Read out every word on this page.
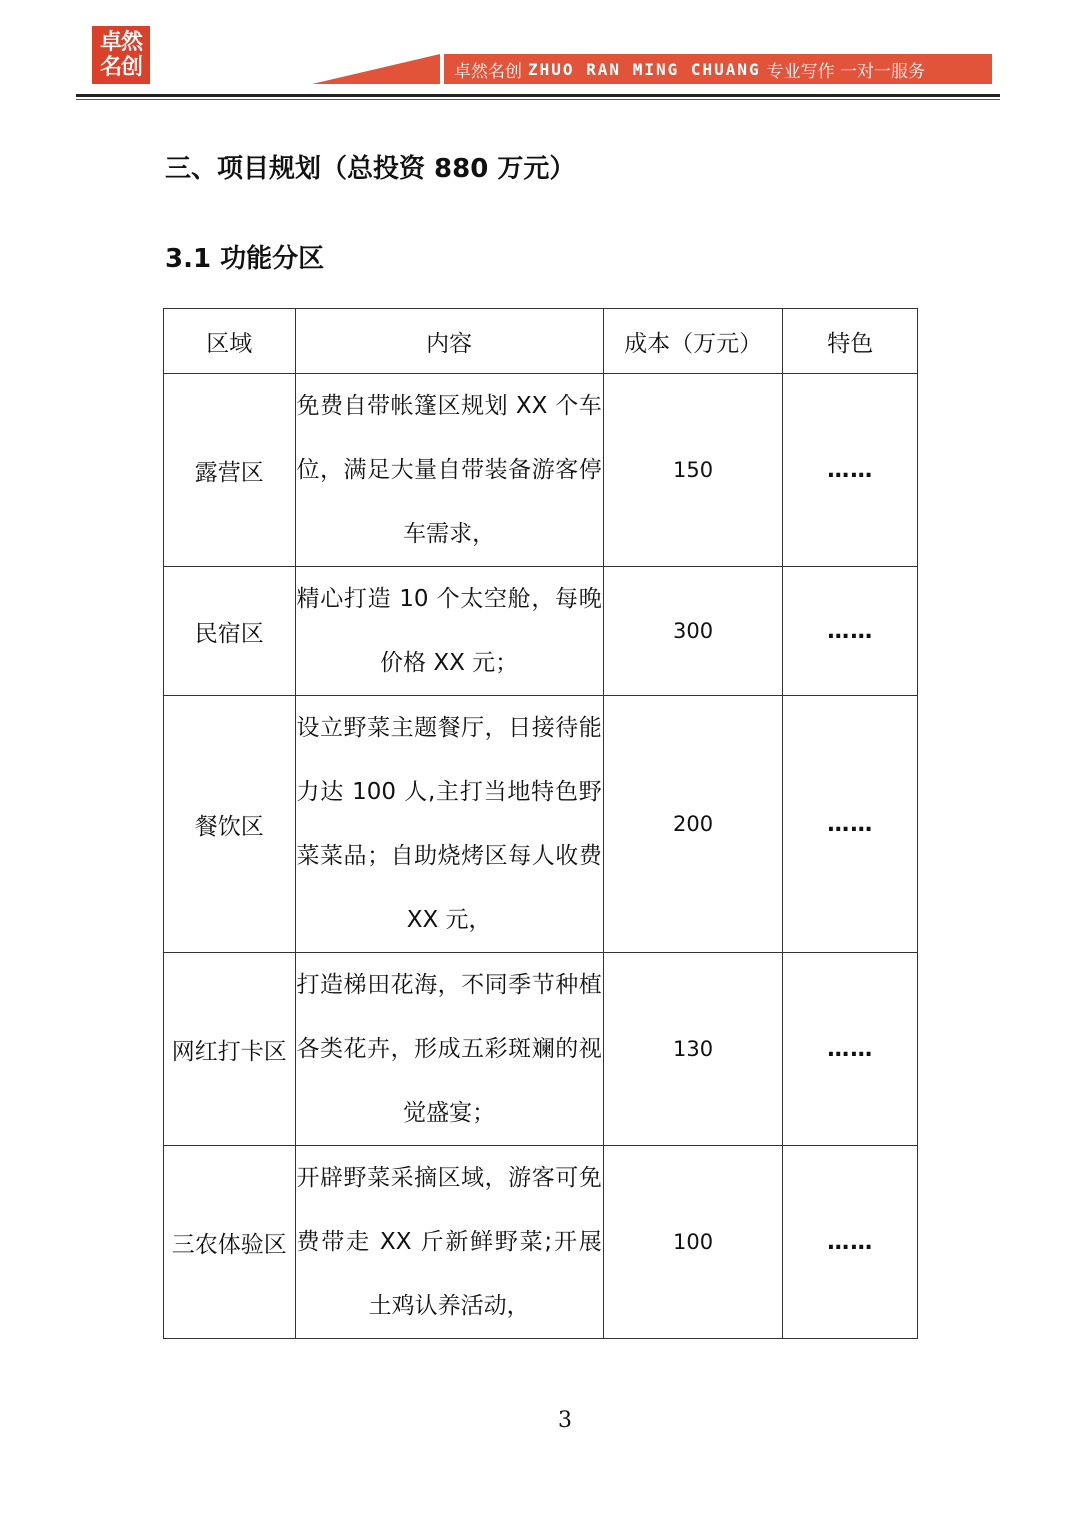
卓然
名创	卓然名创 ZHUO RAN MING CHUANG 专业写作 一对一服务
三、项目规划（总投资 880 万元）
3.1 功能分区
区域	内容	成本（万元）	特色
露营区	免费自带帐篷区规划 XX 个车位，满足大量自带装备游客停车需求，	150	……
民宿区	精心打造 10 个太空舱，每晚价格 XX 元；	300	……
餐饮区	设立野菜主题餐厅，日接待能力达 100 人,主打当地特色野菜菜品；自助烧烤区每人收费 XX 元，	200	……
网红打卡区	打造梯田花海，不同季节种植各类花卉，形成五彩斑斓的视觉盛宴；	130	……
三农体验区	开辟野菜采摘区域，游客可免费带走 XX 斤新鲜野菜;开展土鸡认养活动，	100	……
3
